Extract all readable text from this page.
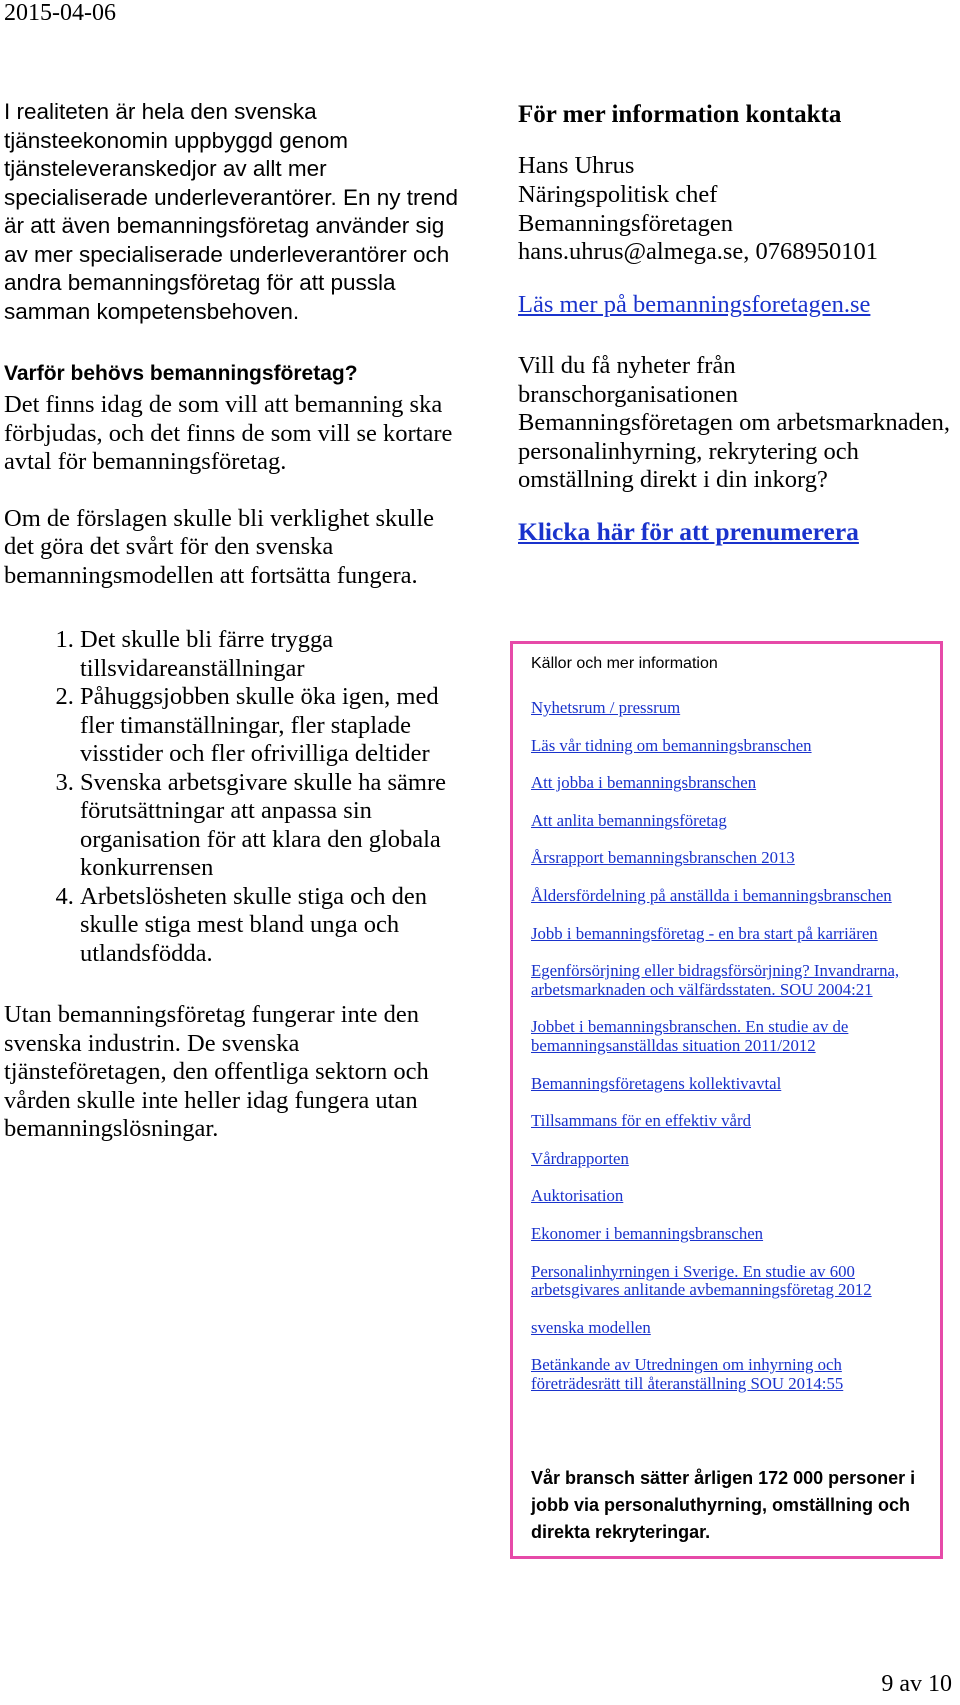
2015-04-06

I realiteten är hela den svenska tjänsteekonomin uppbyggd genom tjänsteleveranskedjor av allt mer specialiserade underleverantörer. En ny trend är att även bemanningsföretag använder sig av mer specialiserade underleverantörer och andra bemanningsföretag för att pussla samman kompetensbehoven.

Varför behövs bemanningsföretag?

Det finns idag de som vill att bemanning ska förbjudas, och det finns de som vill se kortare avtal för bemanningsföretag.

Om de förslagen skulle bli verklighet skulle det göra det svårt för den svenska bemanningsmodellen att fortsätta fungera.

1. Det skulle bli färre trygga tillsvidareanställningar
2. Påhuggsjobben skulle öka igen, med fler timanställningar, fler staplade visstider och fler ofrivilliga deltider
3. Svenska arbetsgivare skulle ha sämre förutsättningar att anpassa sin organisation för att klara den globala konkurrensen
4. Arbetslösheten skulle stiga och den skulle stiga mest bland unga och utlandsfödda.

Utan bemanningsföretag fungerar inte den svenska industrin. De svenska tjänsteföretagen, den offentliga sektorn och vården skulle inte heller idag fungera utan bemanningslösningar.

För mer information kontakta
Hans Uhrus
Näringspolitisk chef
Bemanningsföretagen
hans.uhrus@almega.se, 0768950101
Läs mer på bemanningsforetagen.se
Vill du få nyheter från branschorganisationen Bemanningsföretagen om arbetsmarknaden, personalinhyrning, rekrytering och omställning direkt i din inkorg?
Klicka här för att prenumerera
Källor och mer information
Nyhetsrum / pressrum
Läs vår tidning om bemanningsbranschen
Att jobba i bemanningsbranschen
Att anlita bemanningsföretag
Årsrapport bemanningsbranschen 2013
Åldersfördelning på anställda i bemanningsbranschen
Jobb i bemanningsföretag - en bra start på karriären
Egenförsörjning eller bidragsförsörjning? Invandrarna, arbetsmarknaden och välfärdsstaten. SOU 2004:21
Jobbet i bemanningsbranschen. En studie av de bemanningsanställdas situation 2011/2012
Bemanningsföretagens kollektivavtal
Tillsammans för en effektiv vård
Vårdrapporten
Auktorisation
Ekonomer i bemanningsbranschen
Personalinhyrningen i Sverige. En studie av 600 arbetsgivares anlitande avbemanningsföretag 2012
svenska modellen
Betänkande av Utredningen om inhyrning och företrädesrätt till återanställning SOU 2014:55
Vår bransch sätter årligen 172 000 personer i jobb via personaluthyrning, omställning och direkta rekryteringar.
9 av 10
